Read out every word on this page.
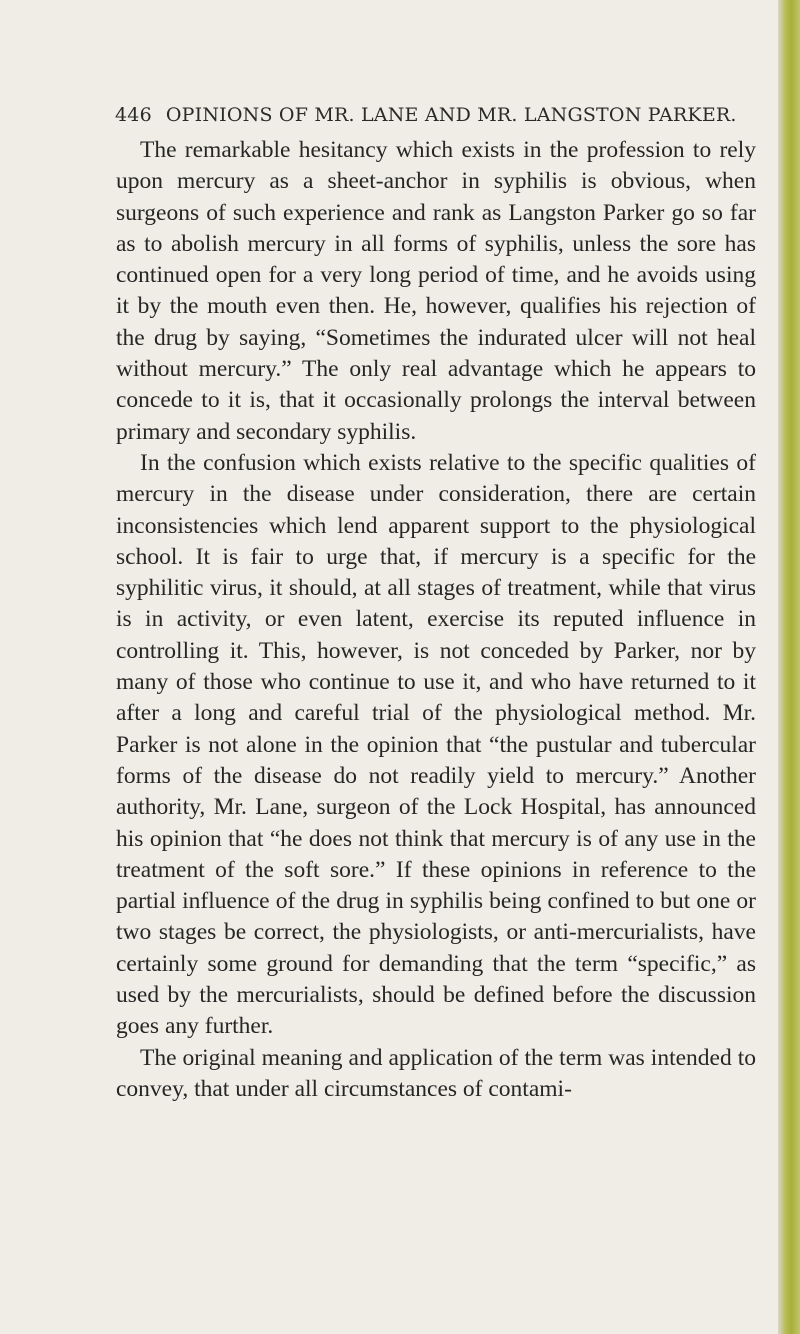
446 OPINIONS OF MR. LANE AND MR. LANGSTON PARKER.

The remarkable hesitancy which exists in the profession to rely upon mercury as a sheet-anchor in syphilis is obvious, when surgeons of such experience and rank as Langston Parker go so far as to abolish mercury in all forms of syphilis, unless the sore has continued open for a very long period of time, and he avoids using it by the mouth even then. He, however, qualifies his rejection of the drug by saying, “Sometimes the indurated ulcer will not heal without mercury.” The only real advantage which he appears to concede to it is, that it occasionally prolongs the interval between primary and secondary syphilis.

In the confusion which exists relative to the specific qualities of mercury in the disease under consideration, there are certain inconsistencies which lend apparent support to the physiological school. It is fair to urge that, if mercury is a specific for the syphilitic virus, it should, at all stages of treatment, while that virus is in activity, or even latent, exercise its reputed influence in controlling it. This, however, is not conceded by Parker, nor by many of those who continue to use it, and who have returned to it after a long and careful trial of the physiological method. Mr. Parker is not alone in the opinion that “the pustular and tubercular forms of the disease do not readily yield to mercury.” Another authority, Mr. Lane, surgeon of the Lock Hospital, has announced his opinion that “he does not think that mercury is of any use in the treatment of the soft sore.” If these opinions in reference to the partial influence of the drug in syphilis being confined to but one or two stages be correct, the physiologists, or anti-mercurialists, have certainly some ground for demanding that the term “specific,” as used by the mercurialists, should be defined before the discussion goes any further.

The original meaning and application of the term was intended to convey, that under all circumstances of contami-
